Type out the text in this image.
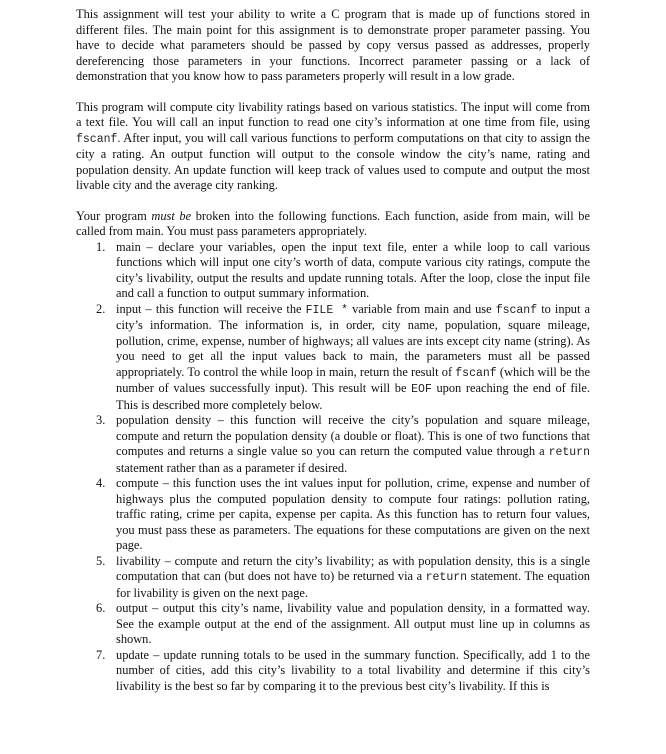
This assignment will test your ability to write a C program that is made up of functions stored in different files. The main point for this assignment is to demonstrate proper parameter passing. You have to decide what parameters should be passed by copy versus passed as addresses, properly dereferencing those parameters in your functions. Incorrect parameter passing or a lack of demonstration that you know how to pass parameters properly will result in a low grade.

This program will compute city livability ratings based on various statistics. The input will come from a text file. You will call an input function to read one city’s information at one time from file, using fscanf. After input, you will call various functions to perform computations on that city to assign the city a rating. An output function will output to the console window the city’s name, rating and population density. An update function will keep track of values used to compute and output the most livable city and the average city ranking.

Your program must be broken into the following functions. Each function, aside from main, will be called from main. You must pass parameters appropriately.

1. main – declare your variables, open the input text file, enter a while loop to call various functions which will input one city’s worth of data, compute various city ratings, compute the city’s livability, output the results and update running totals. After the loop, close the input file and call a function to output summary information.
2. input – this function will receive the FILE * variable from main and use fscanf to input a city’s information. The information is, in order, city name, population, square mileage, pollution, crime, expense, number of highways; all values are ints except city name (string). As you need to get all the input values back to main, the parameters must all be passed appropriately. To control the while loop in main, return the result of fscanf (which will be the number of values successfully input). This result will be EOF upon reaching the end of file. This is described more completely below.
3. population density – this function will receive the city’s population and square mileage, compute and return the population density (a double or float). This is one of two functions that computes and returns a single value so you can return the computed value through a return statement rather than as a parameter if desired.
4. compute – this function uses the int values input for pollution, crime, expense and number of highways plus the computed population density to compute four ratings: pollution rating, traffic rating, crime per capita, expense per capita. As this function has to return four values, you must pass these as parameters. The equations for these computations are given on the next page.
5. livability – compute and return the city’s livability; as with population density, this is a single computation that can (but does not have to) be returned via a return statement. The equation for livability is given on the next page.
6. output – output this city’s name, livability value and population density, in a formatted way. See the example output at the end of the assignment. All output must line up in columns as shown.
7. update – update running totals to be used in the summary function. Specifically, add 1 to the number of cities, add this city’s livability to a total livability and determine if this city’s livability is the best so far by comparing it to the previous best city’s livability. If this is
